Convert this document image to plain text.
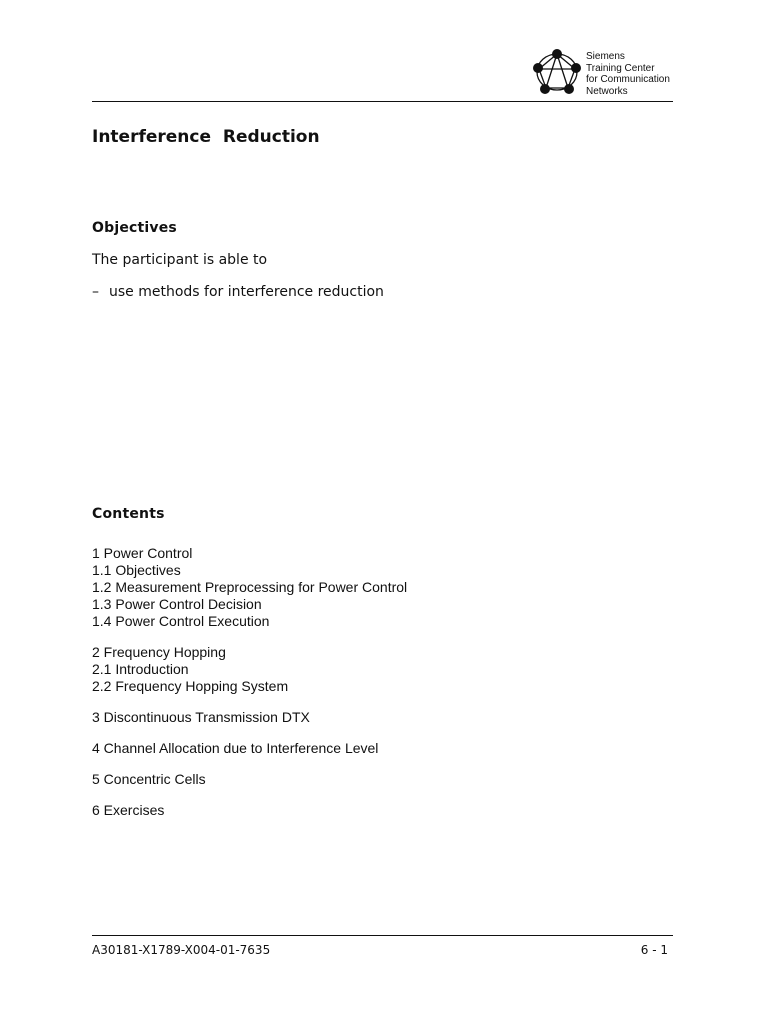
Siemens
Training Center
for Communication
Networks
Interference  Reduction
Objectives

The participant is able to

– use methods for interference reduction
Contents
1 Power Control
1.1 Objectives
1.2 Measurement Preprocessing for Power Control
1.3 Power Control Decision
1.4 Power Control Execution
2 Frequency Hopping
2.1 Introduction
2.2 Frequency Hopping System
3 Discontinuous Transmission DTX
4 Channel Allocation due to Interference Level
5 Concentric Cells
6 Exercises
A30181-X1789-X004-01-7635	6 - 1
